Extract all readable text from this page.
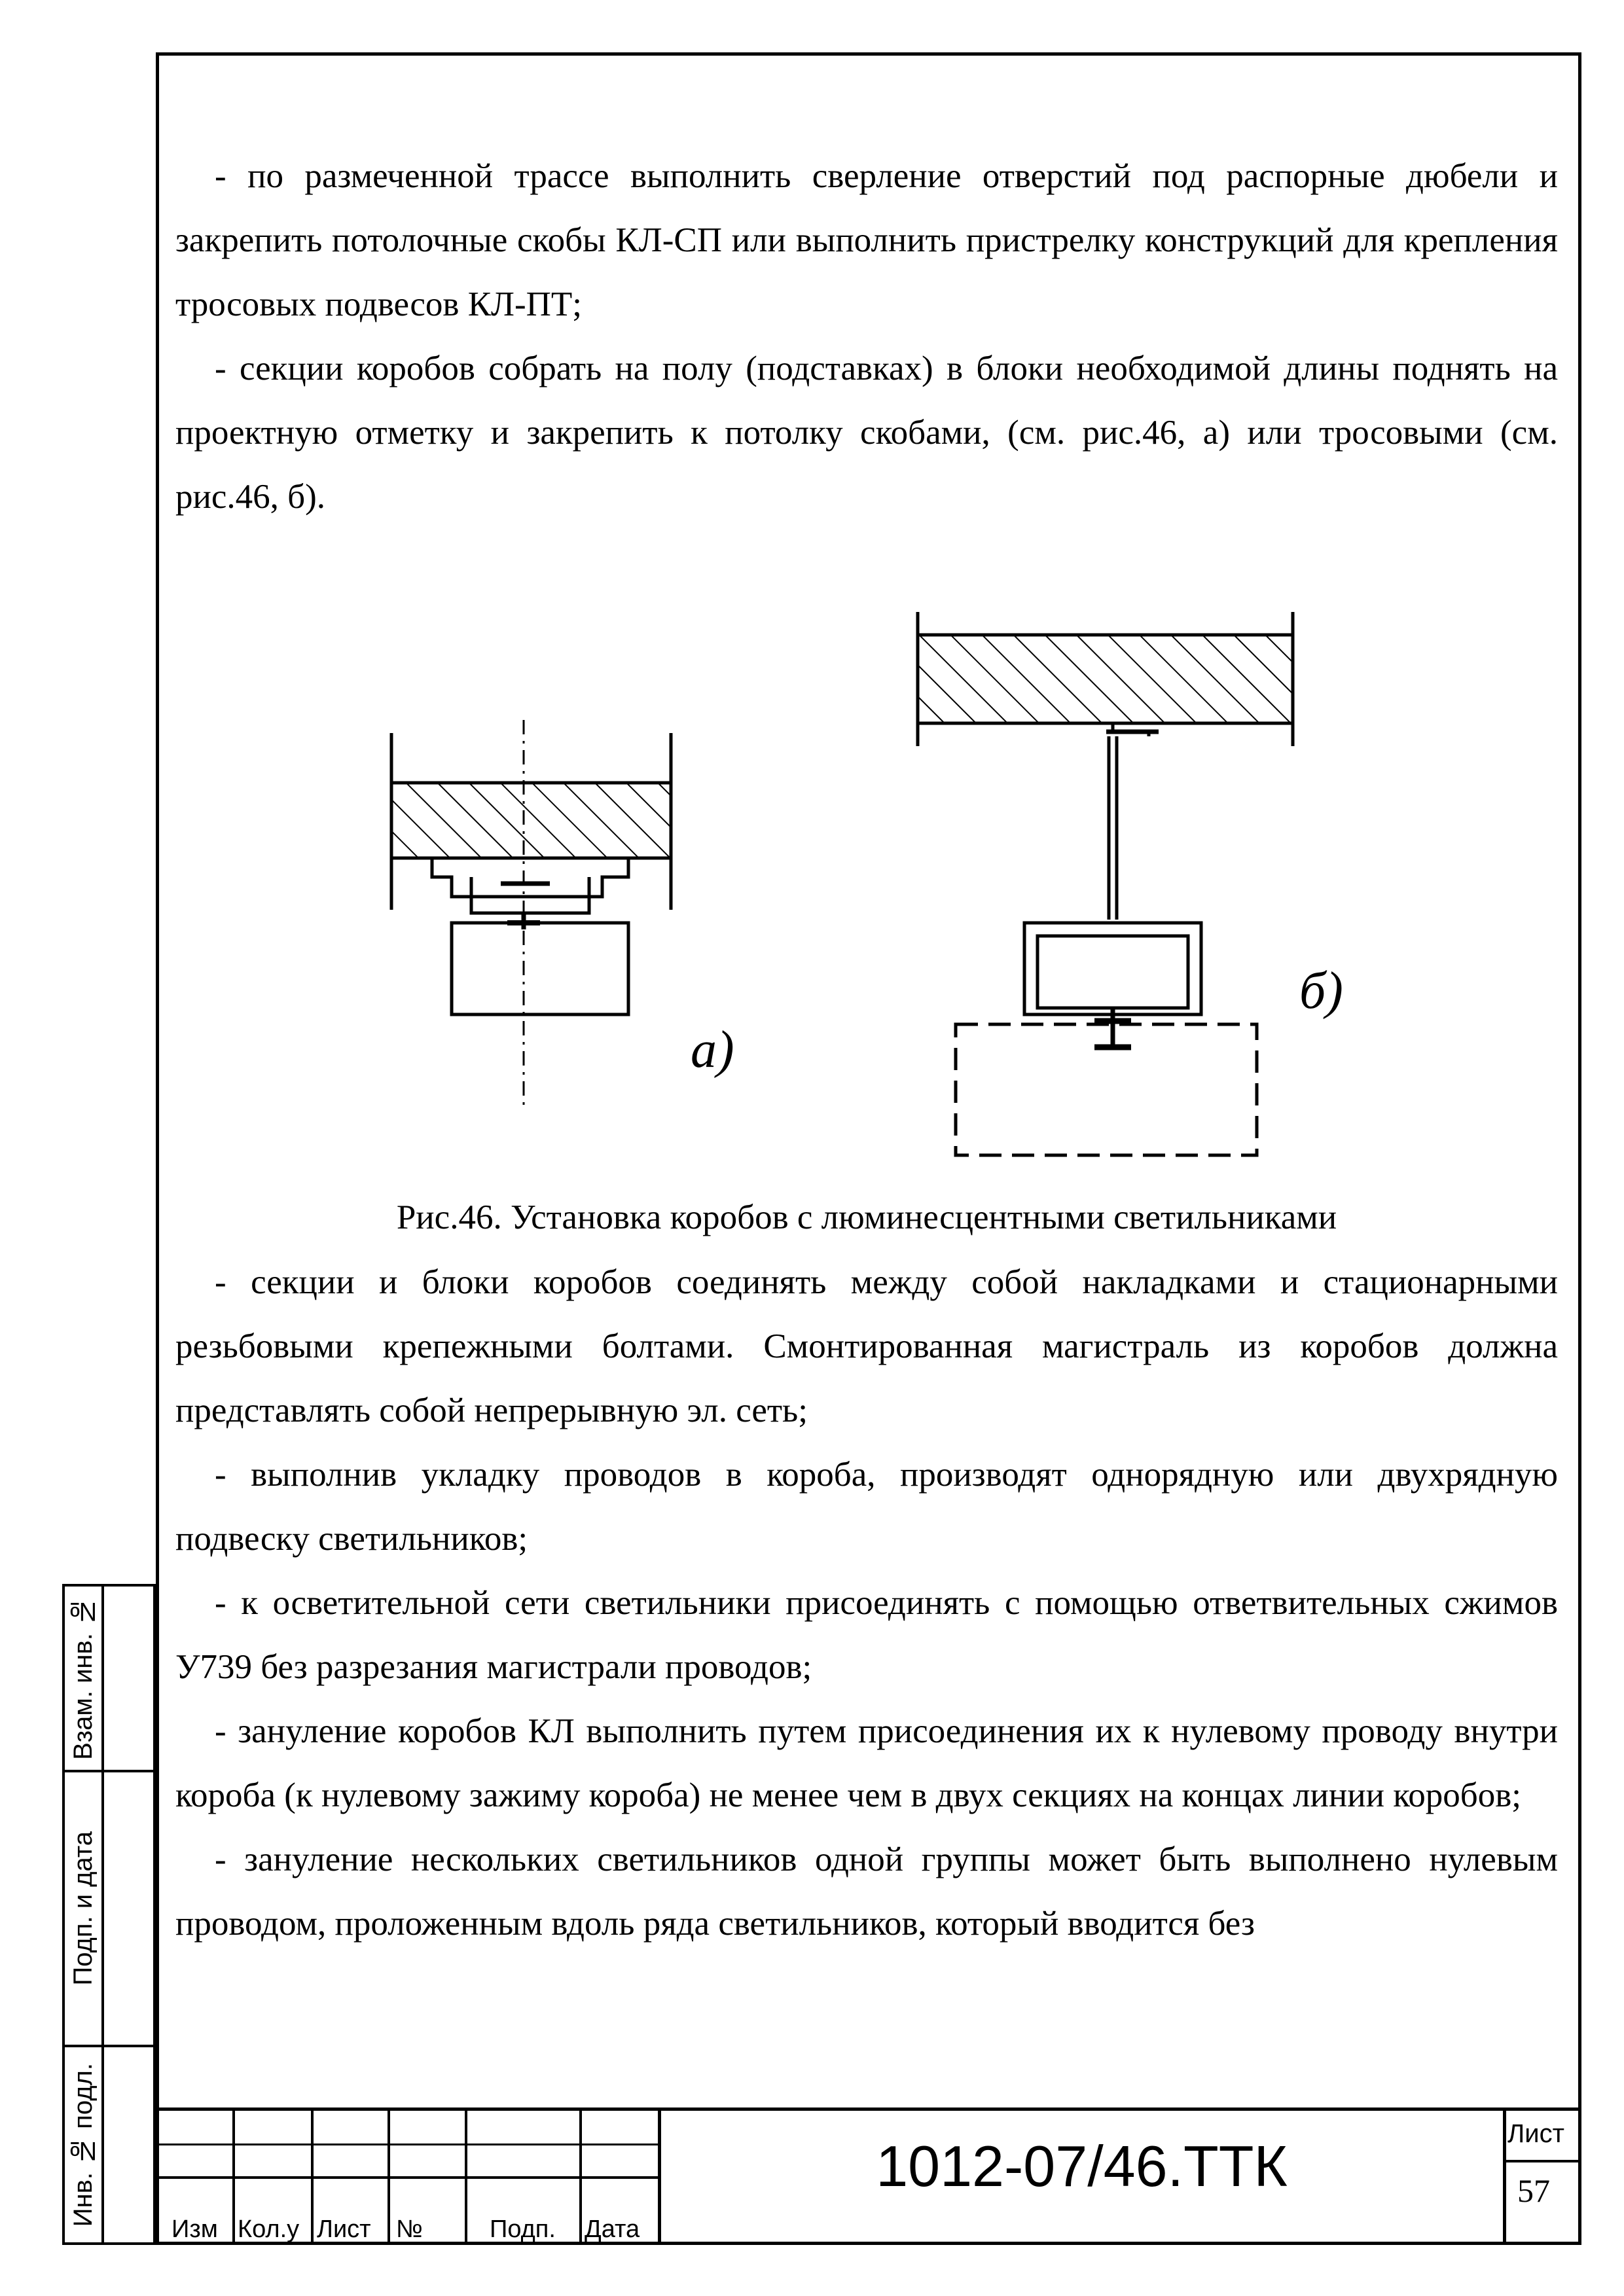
- по размеченной трассе выполнить сверление отверстий под распорные дюбели и закрепить потолочные скобы КЛ-СП или выполнить пристрелку конструкций для крепления тросовых подвесов КЛ-ПТ;

- секции коробов собрать на полу (подставках) в блоки необходимой длины поднять на проектную отметку и закрепить к потолку скобами, (см. рис.46, а) или тросовыми (см. рис.46, б).

а)
б)
Рис.46. Установка коробов с люминесцентными светильниками

- секции и блоки коробов соединять между собой накладками и стационарными резьбовыми крепежными болтами. Смонтированная магистраль из коробов должна представлять собой непрерывную эл. сеть;

- выполнив укладку проводов в короба, производят однорядную или двухрядную подвеску светильников;

- к осветительной сети светильники присоединять с помощью ответвительных сжимов У739 без разрезания магистрали проводов;

- зануление коробов КЛ выполнить путем присоединения их к нулевому проводу внутри короба (к нулевому зажиму короба) не менее чем в двух секциях на концах линии коробов;

- зануление нескольких светильников одной группы может быть выполнено нулевым проводом, проложенным вдоль ряда светильников, который вводится без

Взам. инв. №
Подп. и дата
Инв. № подл.
Изм Кол.у Лист №	Подп. Дата
1012-07/46.ТТК	Лист
57
